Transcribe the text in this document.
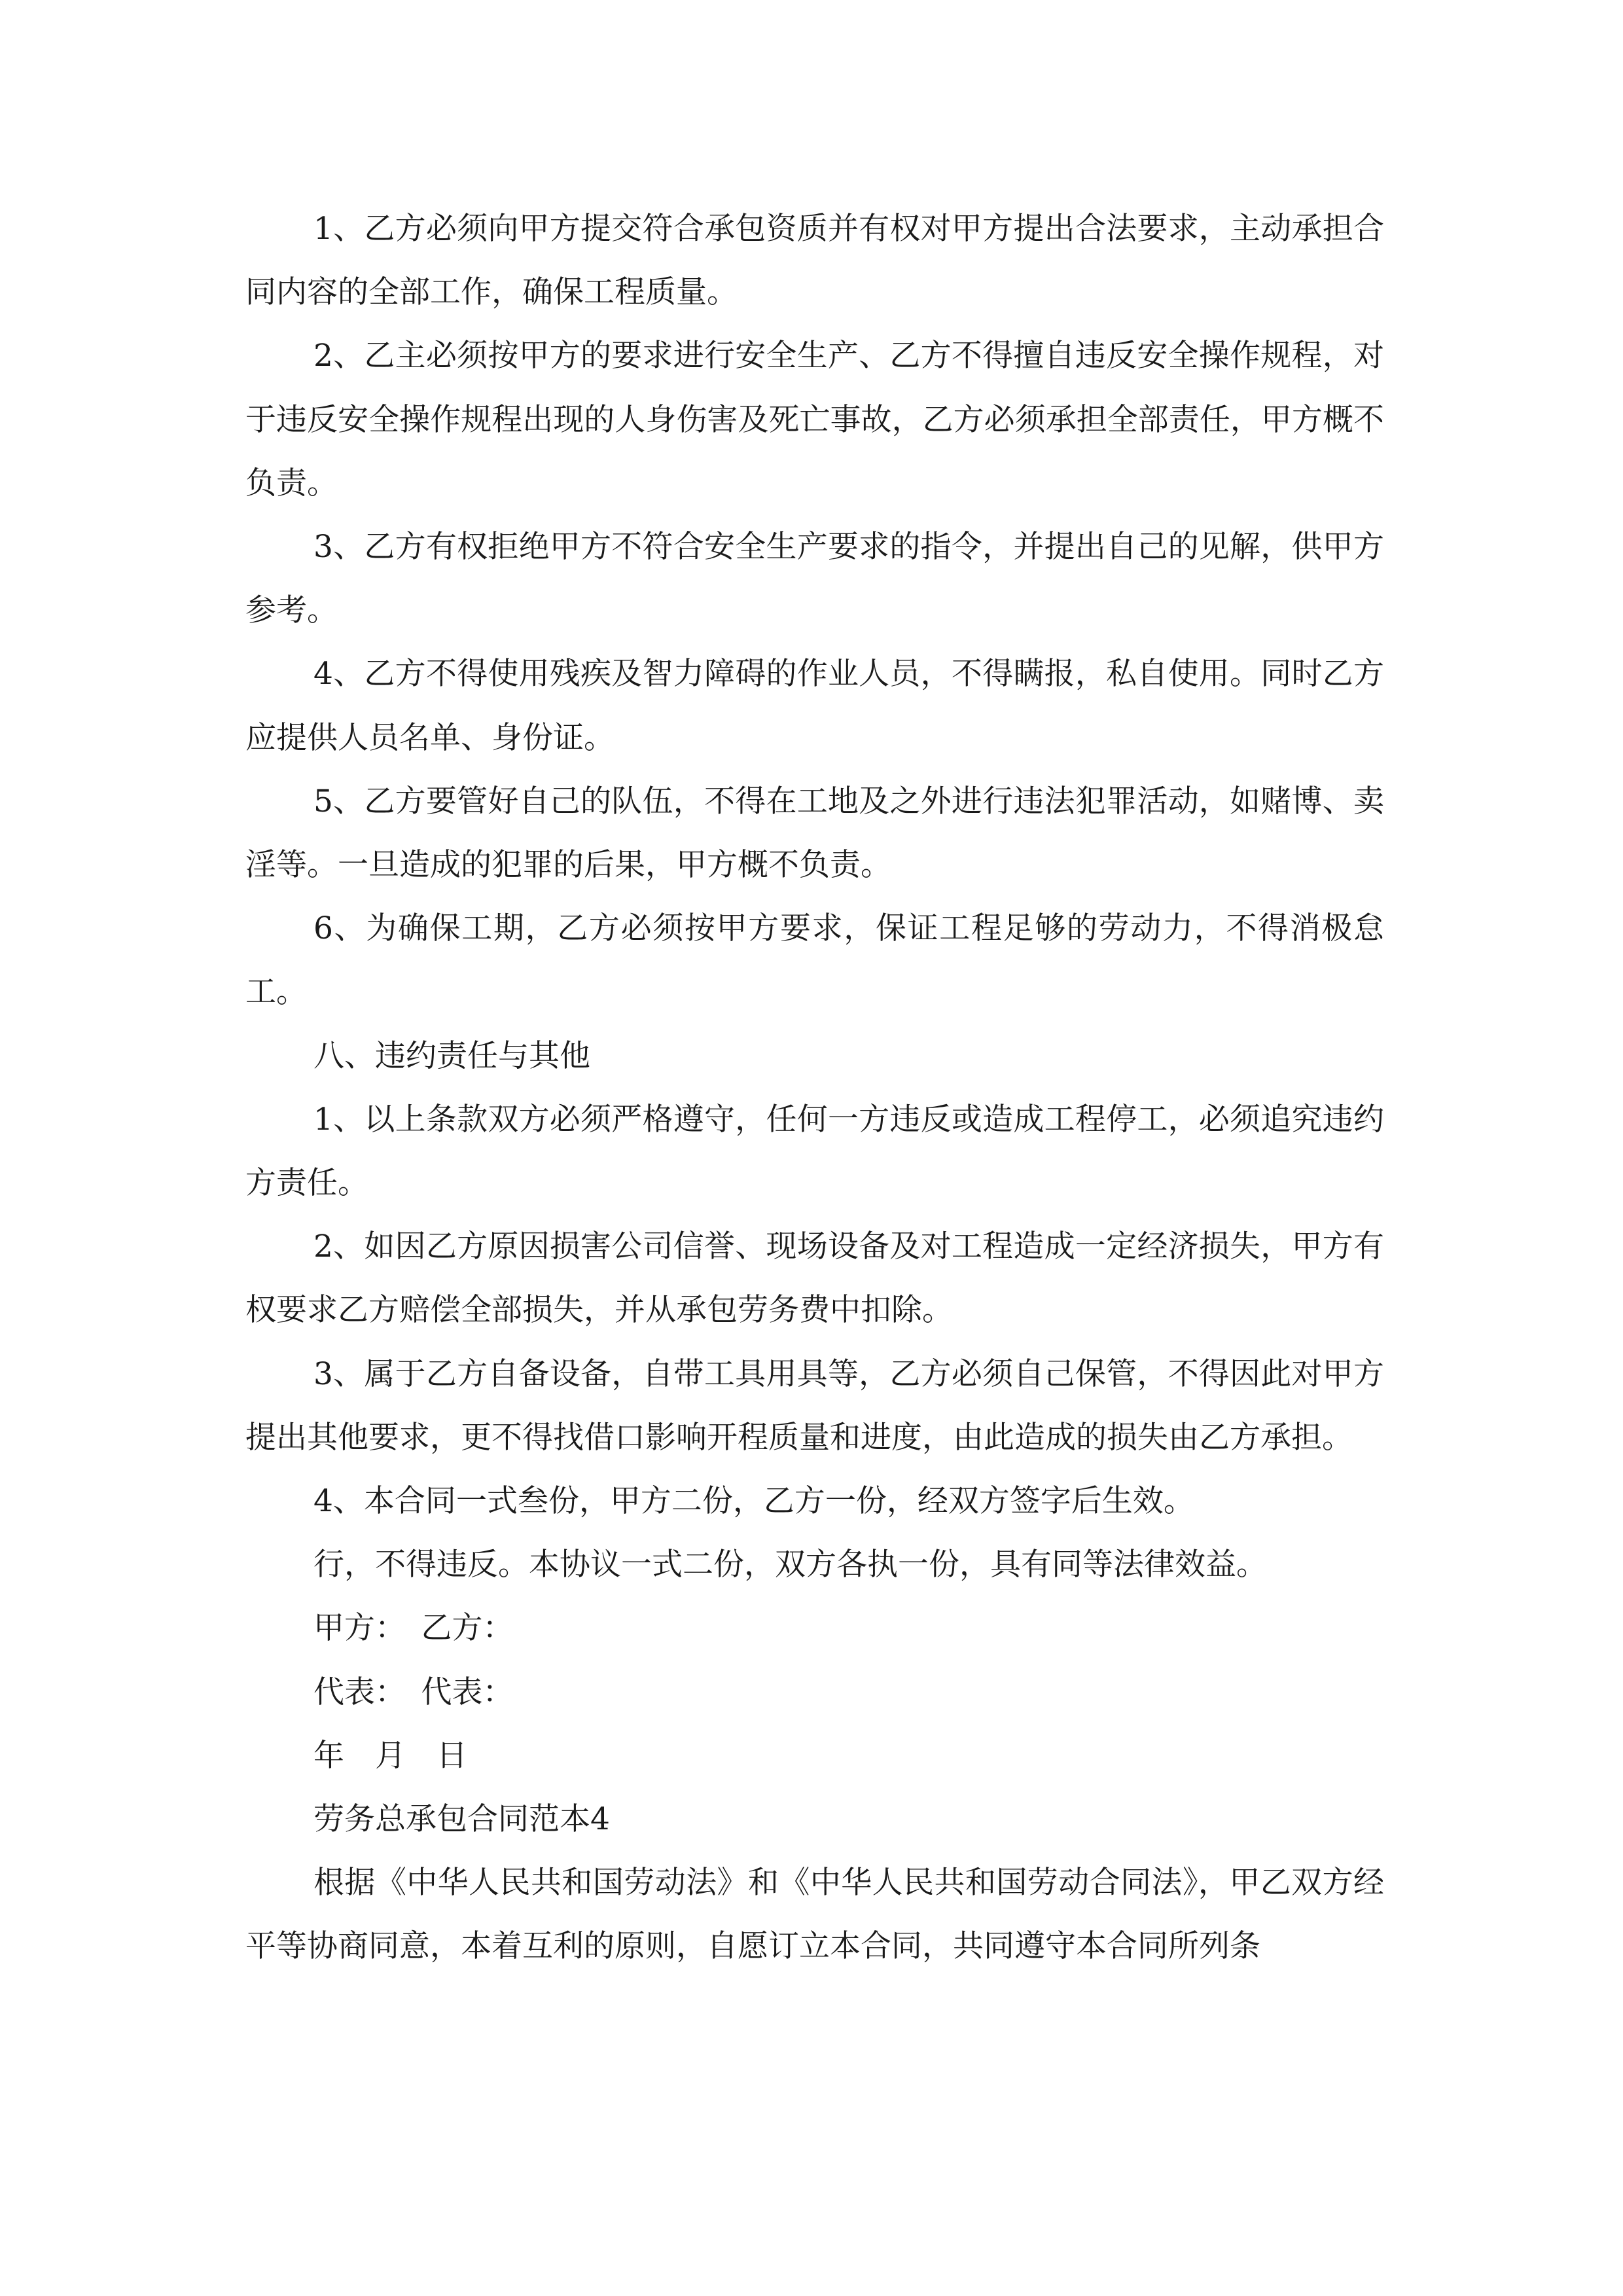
1、乙方必须向甲方提交符合承包资质并有权对甲方提出合法要求，主动承担合同内容的全部工作，确保工程质量。

2、乙主必须按甲方的要求进行安全生产、乙方不得擅自违反安全操作规程，对于违反安全操作规程出现的人身伤害及死亡事故，乙方必须承担全部责任，甲方概不负责。

3、乙方有权拒绝甲方不符合安全生产要求的指令，并提出自己的见解，供甲方参考。

4、乙方不得使用残疾及智力障碍的作业人员，不得瞒报，私自使用。同时乙方应提供人员名单、身份证。

5、乙方要管好自己的队伍，不得在工地及之外进行违法犯罪活动，如赌博、卖淫等。一旦造成的犯罪的后果，甲方概不负责。

6、为确保工期，乙方必须按甲方要求，保证工程足够的劳动力，不得消极怠工。

八、违约责任与其他

1、以上条款双方必须严格遵守，任何一方违反或造成工程停工，必须追究违约方责任。

2、如因乙方原因损害公司信誉、现场设备及对工程造成一定经济损失，甲方有权要求乙方赔偿全部损失，并从承包劳务费中扣除。

3、属于乙方自备设备，自带工具用具等，乙方必须自己保管，不得因此对甲方提出其他要求，更不得找借口影响开程质量和进度，由此造成的损失由乙方承担。

4、本合同一式叁份，甲方二份，乙方一份，经双方签字后生效。

行，不得违反。本协议一式二份，双方各执一份，具有同等法律效益。

甲方：　乙方：

代表：　代表：

年　月　日

劳务总承包合同范本4

根据《中华人民共和国劳动法》和《中华人民共和国劳动合同法》，甲乙双方经平等协商同意，本着互利的原则，自愿订立本合同，共同遵守本合同所列条
